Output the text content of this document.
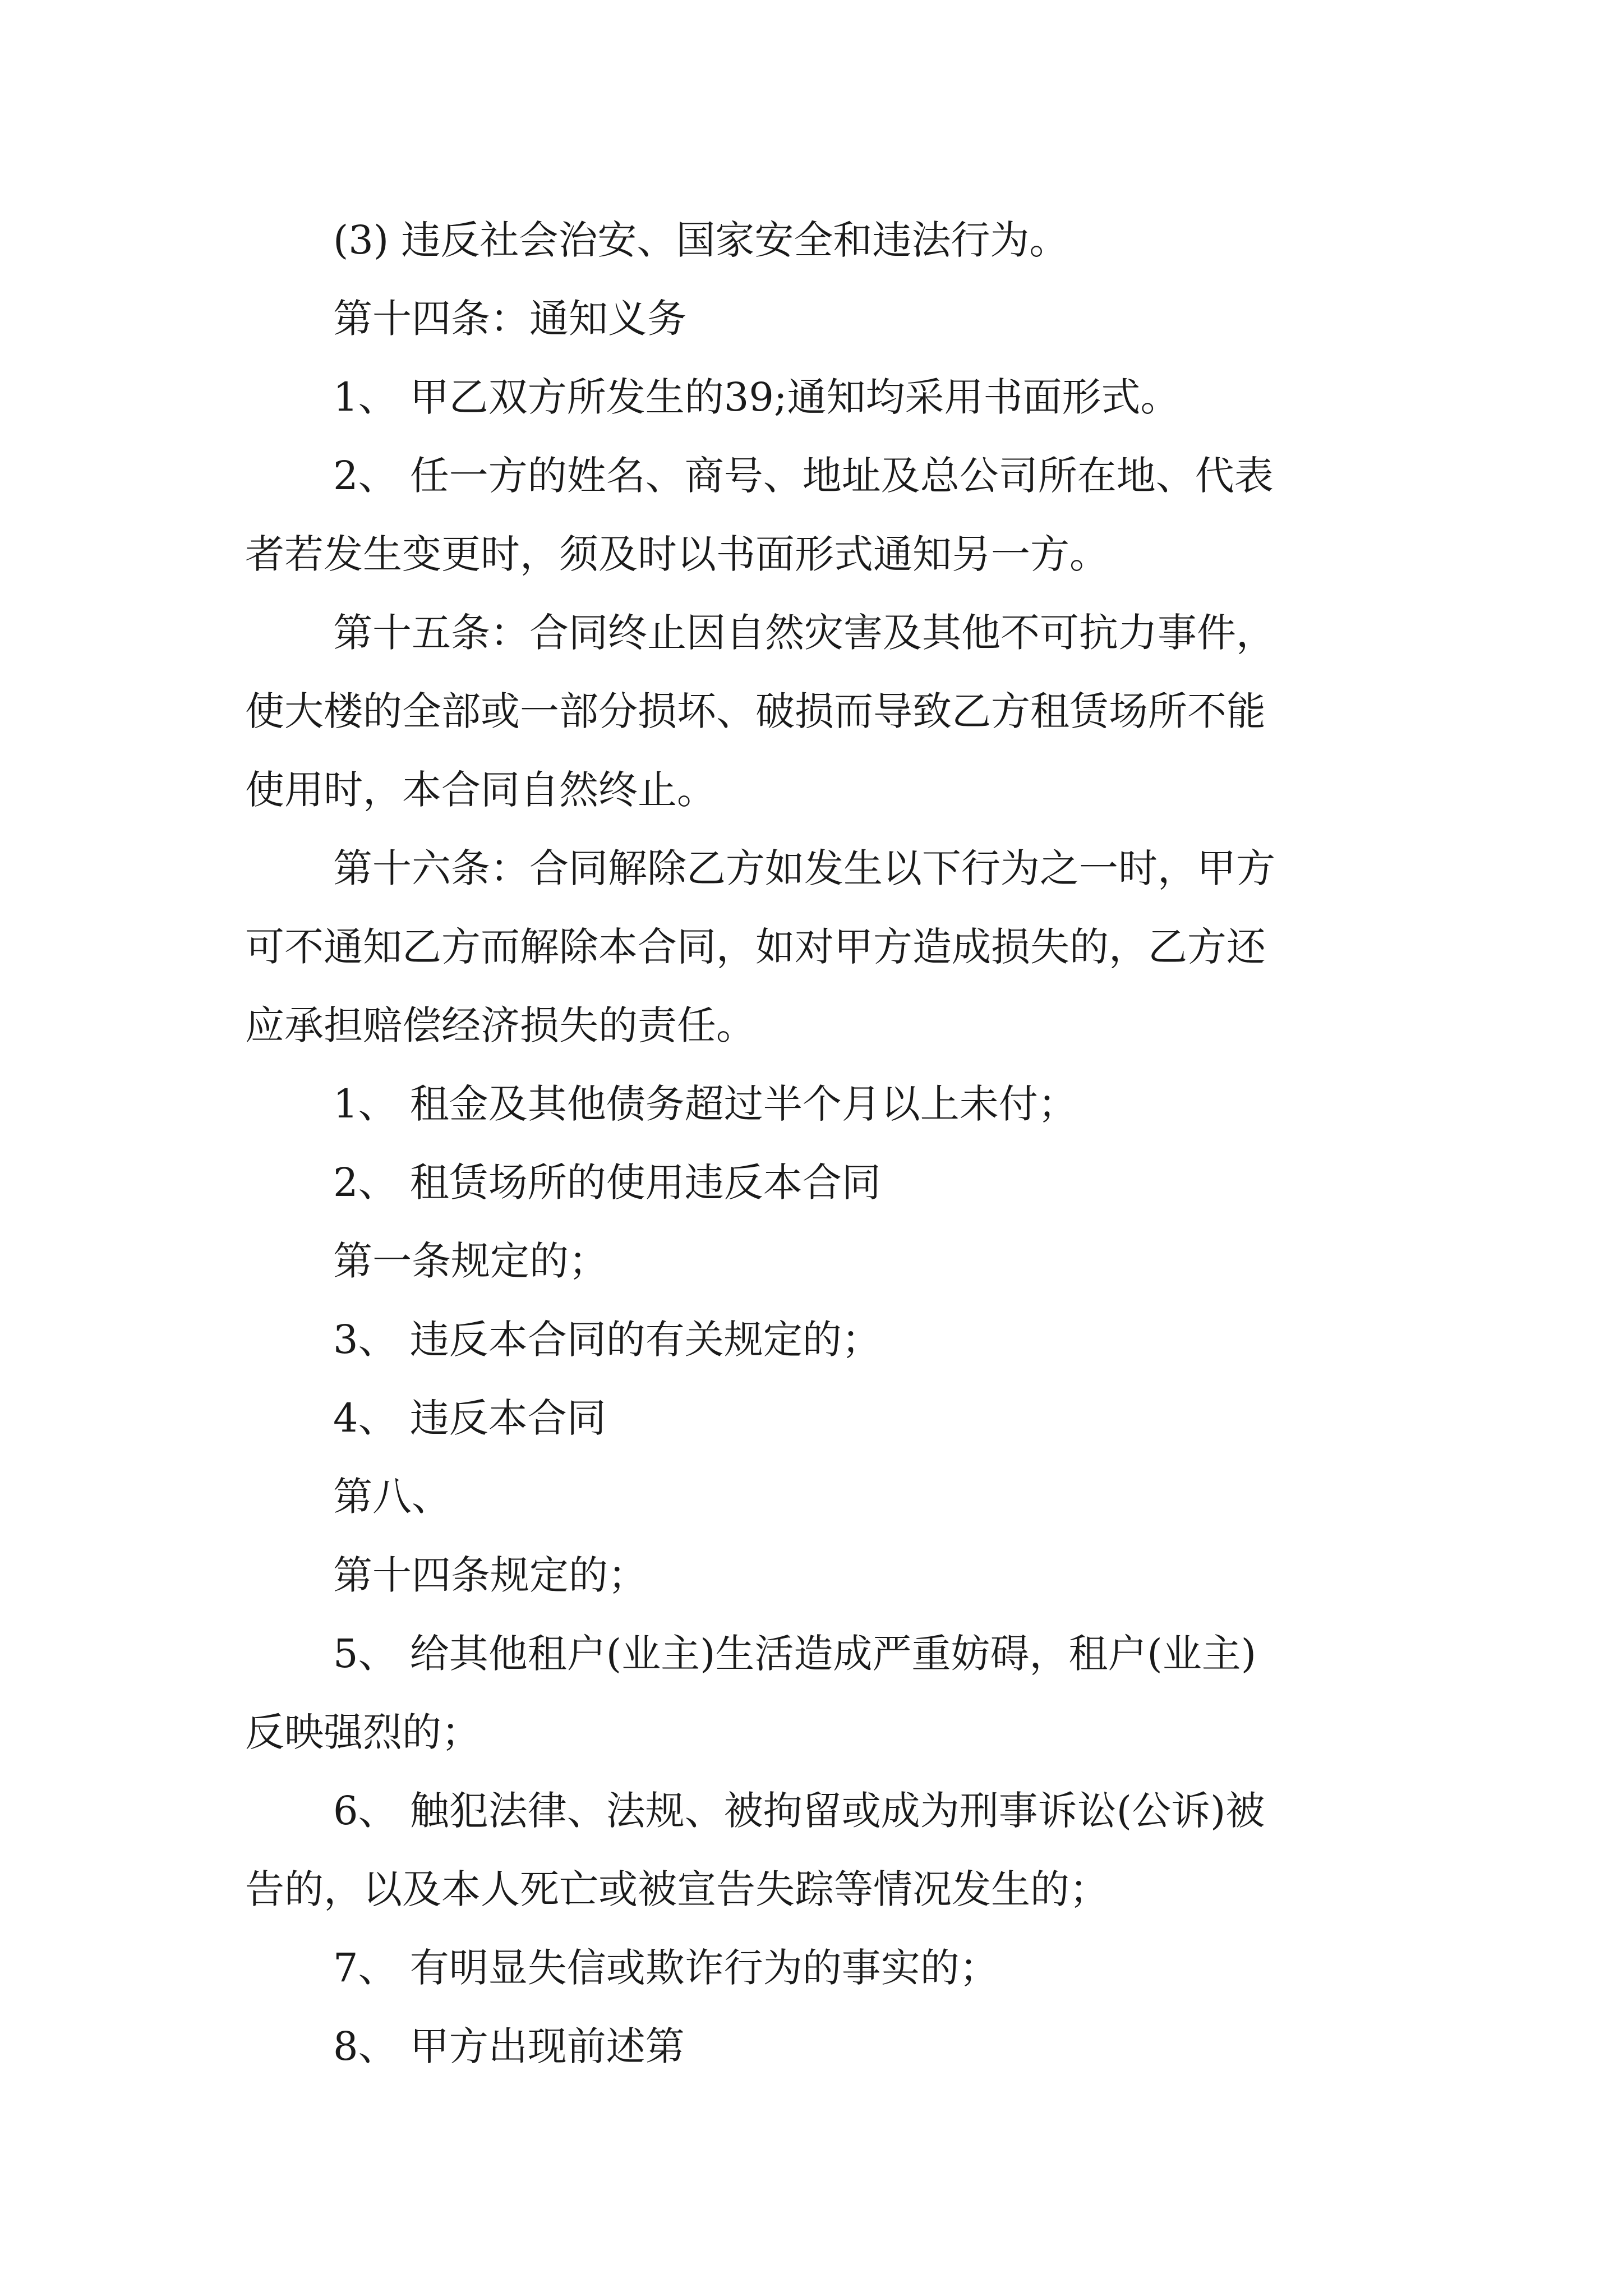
(3) 违反社会治安、国家安全和违法行为。

第十四条：通知义务

1、 甲乙双方所发生的39;通知均采用书面形式。

2、 任一方的姓名、商号、地址及总公司所在地、代表

者若发生变更时，须及时以书面形式通知另一方。

第十五条：合同终止因自然灾害及其他不可抗力事件，

使大楼的全部或一部分损坏、破损而导致乙方租赁场所不能

使用时，本合同自然终止。

第十六条：合同解除乙方如发生以下行为之一时，甲方

可不通知乙方而解除本合同，如对甲方造成损失的，乙方还

应承担赔偿经济损失的责任。

1、 租金及其他债务超过半个月以上未付；

2、 租赁场所的使用违反本合同

第一条规定的；

3、 违反本合同的有关规定的；

4、 违反本合同

第八、

第十四条规定的；

5、 给其他租户(业主)生活造成严重妨碍，租户(业主)

反映强烈的；

6、 触犯法律、法规、被拘留或成为刑事诉讼(公诉)被

告的，以及本人死亡或被宣告失踪等情况发生的；

7、 有明显失信或欺诈行为的事实的；

8、 甲方出现前述第
